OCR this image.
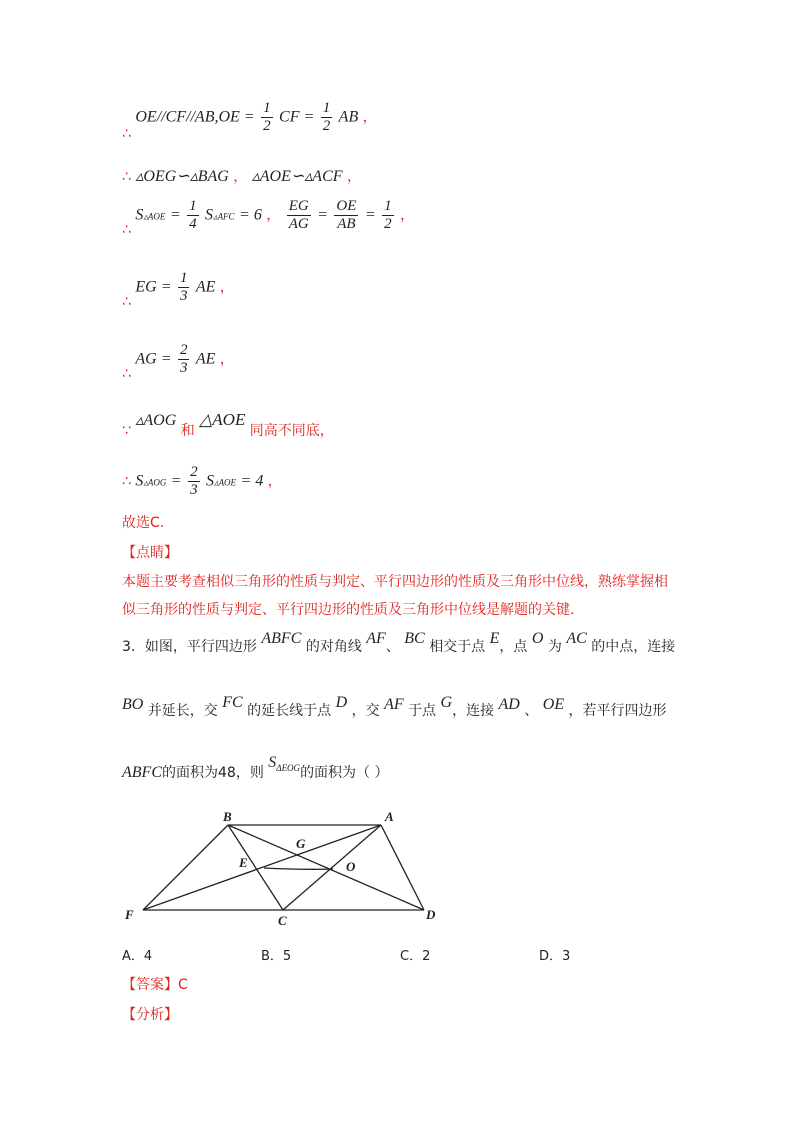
∴ $OE//CF//AB,OE = \frac{1}{2}$ CF = $\frac{1}{2}$ AB ，
∴ ▵OEG∽▵BAG ， ▵AOE∽▵ACF ，
∴ S▵AOE = $\frac{1}{4}$ S▵AFC = 6 ， $\frac{EG}{AG} = \frac{OE}{AB} = \frac{1}{2}$ ，
∴ EG = $\frac{1}{3}$ AE ，
∴ AG = $\frac{2}{3}$ AE ，
∵ ▵AOG 和 △AOE 同高不同底，
∴ S▵AOG = $\frac{2}{3}$ S▵AOE = 4 ，
故选C.
【点睛】
本题主要考查相似三角形的性质与判定、平行四边形的性质及三角形中位线，熟练掌握相
似三角形的性质与判定、平行四边形的性质及三角形中位线是解题的关键.
3．如图，平行四边形 ABFC 的对角线 AF、 BC 相交于点 E，点 O 为 AC 的中点，连接
BO 并延长，交 FC 的延长线于点 D ，交 AF 于点 G，连接 AD 、 OE ，若平行四边形
ABFC的面积为48，则 $S^{\Delta EOG}$的面积为（ ）
B	A
G
E	O
F	C	D
A．4	B．5	C．2	D．3
【答案】C
【分析】
